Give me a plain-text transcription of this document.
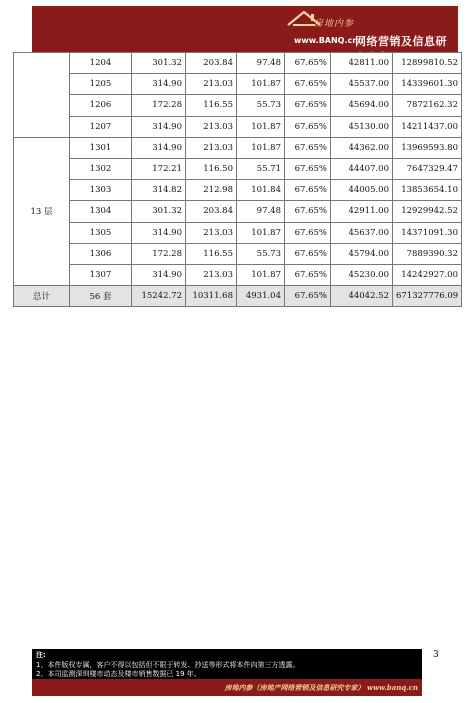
房地内参
www.BANQ.cn
网络营销及信息研
	1204	301.32	203.84	97.48	67.65%	42811.00	12899810.52
	1205	314.90	213.03	101.87	67.65%	45537.00	14339601.30
	1206	172.28	116.55	55.73	67.65%	45694.00	7872162.32
	1207	314.90	213.03	101.87	67.65%	45130.00	14211437.00
13 层	1301	314.90	213.03	101.87	67.65%	44362.00	13969593.80
	1302	172.21	116.50	55.71	67.65%	44407.00	7647329.47
	1303	314.82	212.98	101.84	67.65%	44005.00	13853654.10
	1304	301.32	203.84	97.48	67.65%	42911.00	12929942.52
	1305	314.90	213.03	101.87	67.65%	45637.00	14371091.30
	1306	172.28	116.55	55.73	67.65%	45794.00	7889390.32
	1307	314.90	213.03	101.87	67.65%	45230.00	14242927.00
总计	56 套	15242.72	10311.68	4931.04	67.65%	44042.52	671327776.09
3
注:
1、本件版权专属，客户不得以包括但不限于转发、抄送等形式将本件向第三方透露。
2、本司监测深圳楼市动态及楼市销售数据已 19 年。
房地内参（房地产网络营销及信息研究专家） www.banq.cn
